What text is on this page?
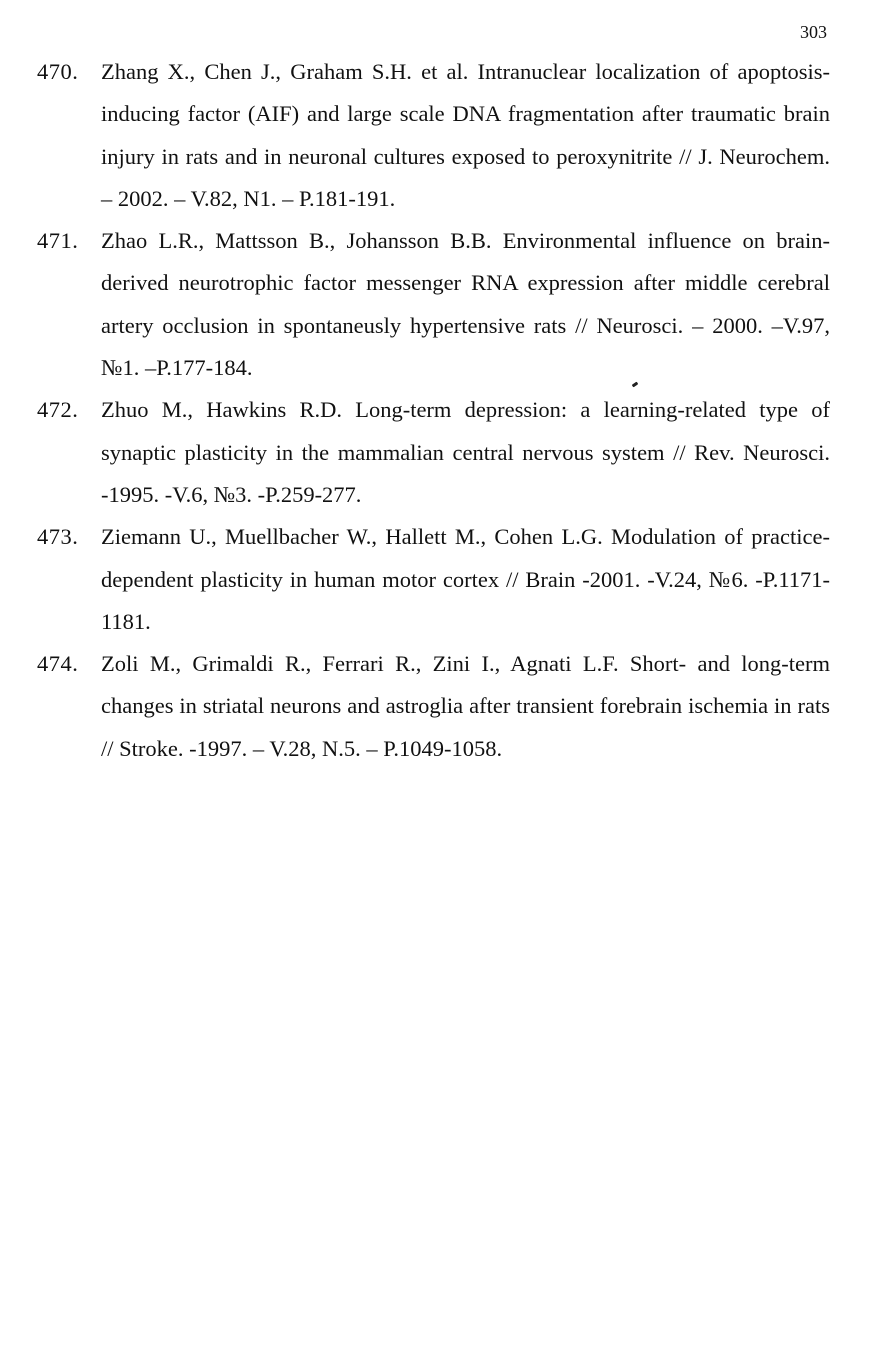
303
470.	Zhang X., Chen J., Graham S.H. et al. Intranuclear localization of apoptosis-inducing factor (AIF) and large scale DNA fragmentation after traumatic brain injury in rats and in neuronal cultures exposed to peroxynitrite // J. Neurochem. – 2002. – V.82, N1. – P.181-191.
471.	Zhao L.R., Mattsson B., Johansson B.B. Environmental influence on brain-derived neurotrophic factor messenger RNA expression after middle cerebral artery occlusion in spontaneusly hypertensive rats // Neurosci. – 2000. –V.97, №1. –P.177-184.
472.	Zhuo M., Hawkins R.D. Long-term depression: a learning-related type of synaptic plasticity in the mammalian central nervous system // Rev. Neurosci. -1995. -V.6, №3. -P.259-277.
473.	Ziemann U., Muellbacher W., Hallett M., Cohen L.G. Modulation of practice-dependent plasticity in human motor cortex // Brain -2001. -V.24, №6. -P.1171-1181.
474.	Zoli M., Grimaldi R., Ferrari R., Zini I., Agnati L.F. Short- and long-term changes in striatal neurons and astroglia after transient forebrain ischemia in rats // Stroke. -1997. – V.28, N.5. – P.1049-1058.
